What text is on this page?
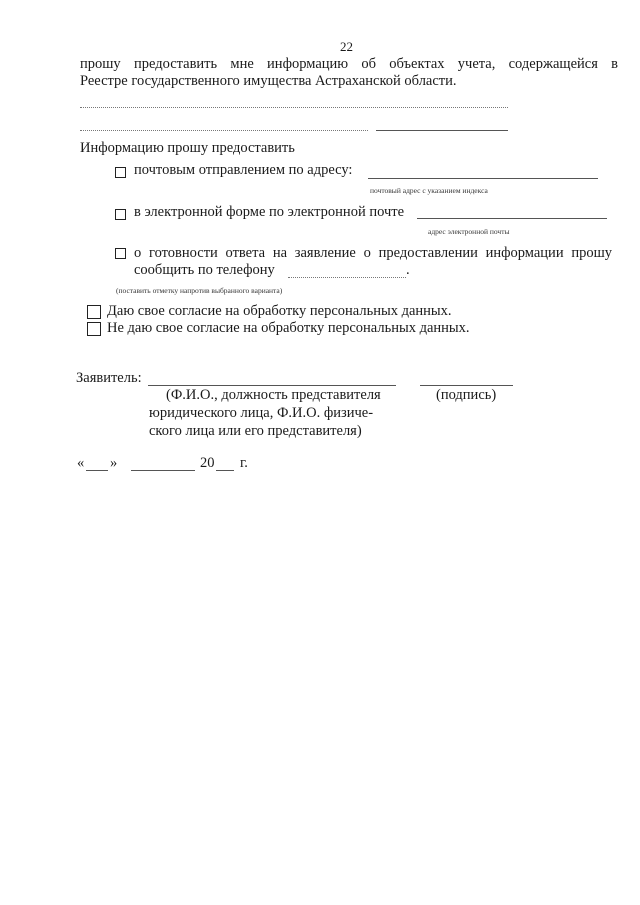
22
прошу предоставить мне информацию об объектах учета, содержащейся в
Реестре государственного имущества Астраханской области.
Информацию прошу предоставить
почтовым отправлением по адресу:
почтовый адрес с указанием индекса
в электронной форме по электронной почте
адрес электронной почты
о готовности ответа на заявление о предоставлении информации прошу
сообщить по телефону	.
(поставить отметку напротив выбранного варианта)
Даю свое согласие на обработку персональных данных.
Не даю свое согласие на обработку персональных данных.
Заявитель:
(Ф.И.О., должность представителя
юридического лица, Ф.И.О. физиче-
ского лица или его представителя)
(подпись)
« »	20 г.
